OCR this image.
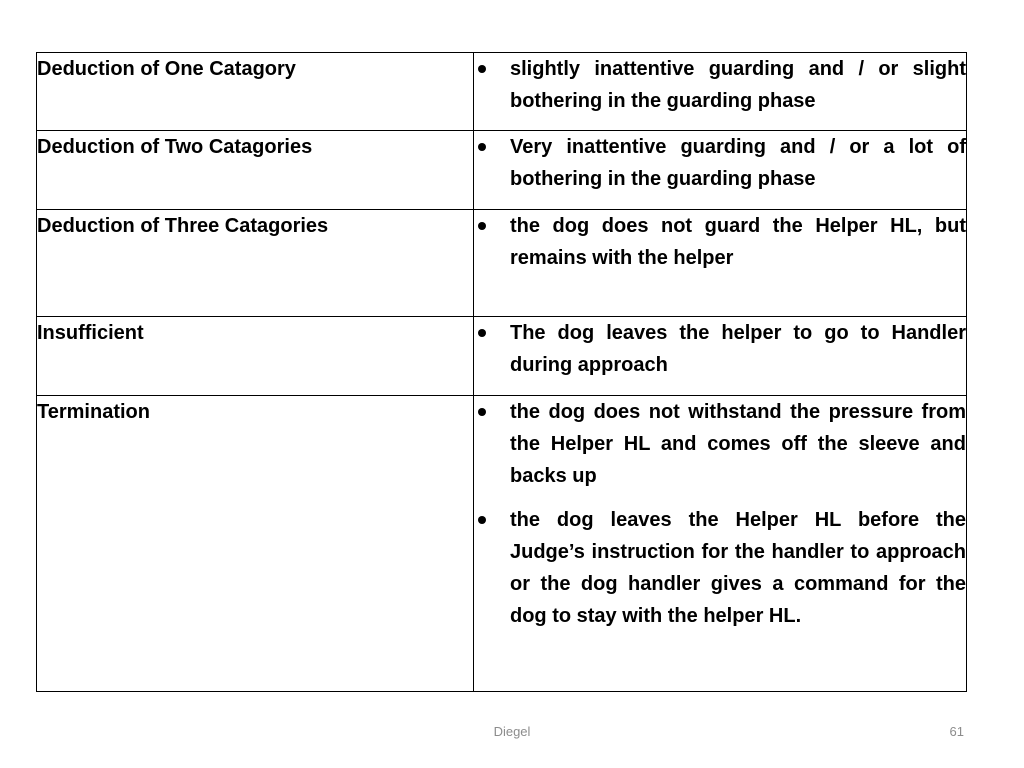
Deduction of One Catagory	slightly inattentive guarding and / or slight bothering in the guarding phase

Deduction of Two Catagories	Very inattentive guarding and / or a lot of bothering in the guarding phase

Deduction of Three Catagories	the dog does not guard the Helper HL, but remains with the helper

Insufficient	The dog leaves the helper to go to Handler during approach

Termination	the dog does not withstand the pressure from the Helper HL and comes off the sleeve and backs up
the dog leaves the Helper HL before the Judge’s instruction for the handler to approach or the dog handler gives a command for the dog to stay with the helper HL.
Diegel	61
